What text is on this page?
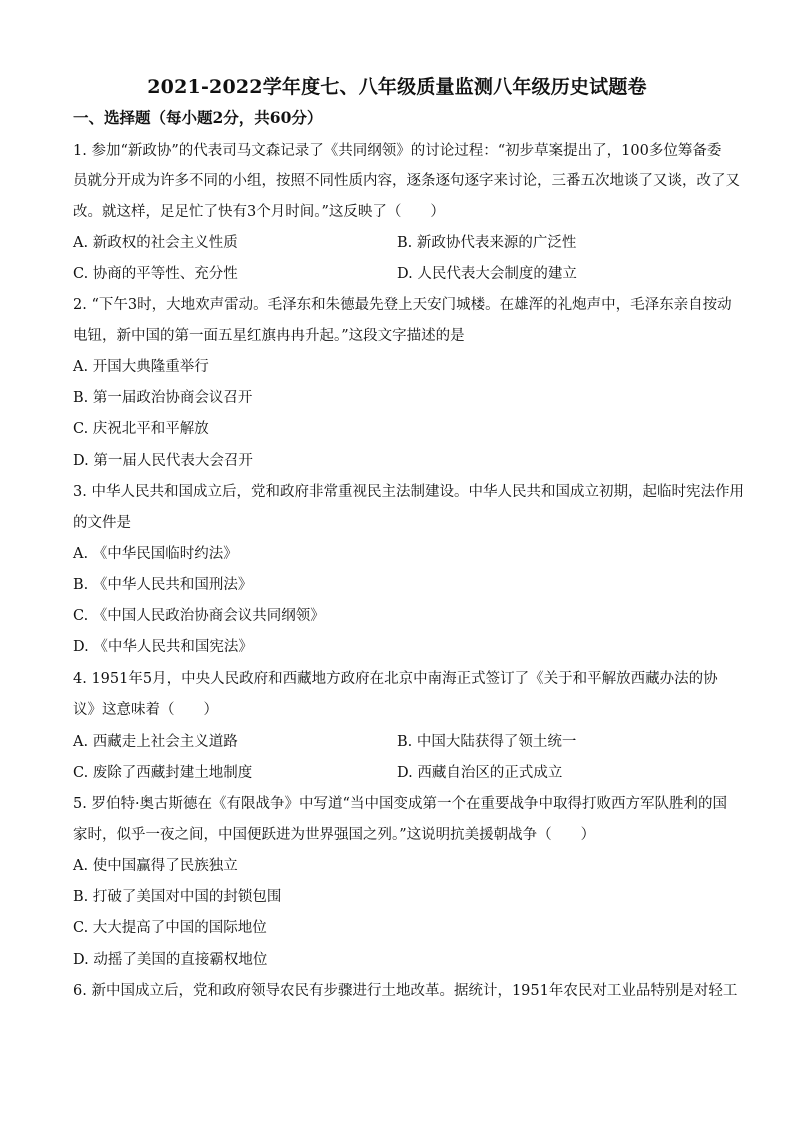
2021-2022学年度七、八年级质量监测八年级历史试题卷
一、选择题（每小题2分，共60分）
1. 参加“新政协”的代表司马文森记录了《共同纲领》的讨论过程：“初步草案提出了，100多位筹备委
员就分开成为许多不同的小组，按照不同性质内容，逐条逐句逐字来讨论，三番五次地谈了又谈，改了又
改。就这样，足足忙了快有3个月时间。”这反映了（　　）
A. 新政权的社会主义性质	B. 新政协代表来源的广泛性
C. 协商的平等性、充分性	D. 人民代表大会制度的建立
2. “下午3时，大地欢声雷动。毛泽东和朱德最先登上天安门城楼。在雄浑的礼炮声中，毛泽东亲自按动
电钮，新中国的第一面五星红旗冉冉升起。”这段文字描述的是
A. 开国大典隆重举行
B. 第一届政治协商会议召开
C. 庆祝北平和平解放
D. 第一届人民代表大会召开
3. 中华人民共和国成立后，党和政府非常重视民主法制建设。中华人民共和国成立初期，起临时宪法作用
的文件是
A. 《中华民国临时约法》
B. 《中华人民共和国刑法》
C. 《中国人民政治协商会议共同纲领》
D. 《中华人民共和国宪法》
4. 1951年5月，中央人民政府和西藏地方政府在北京中南海正式签订了《关于和平解放西藏办法的协
议》这意味着（　　）
A. 西藏走上社会主义道路	B. 中国大陆获得了领土统一
C. 废除了西藏封建土地制度	D. 西藏自治区的正式成立
5. 罗伯特·奥古斯德在《有限战争》中写道“当中国变成第一个在重要战争中取得打败西方军队胜利的国
家时，似乎一夜之间，中国便跃进为世界强国之列。”这说明抗美援朝战争（　　）
A. 使中国赢得了民族独立
B. 打破了美国对中国的封锁包围
C. 大大提高了中国的国际地位
D. 动摇了美国的直接霸权地位
6. 新中国成立后，党和政府领导农民有步骤进行土地改革。据统计，1951年农民对工业品特别是对轻工
